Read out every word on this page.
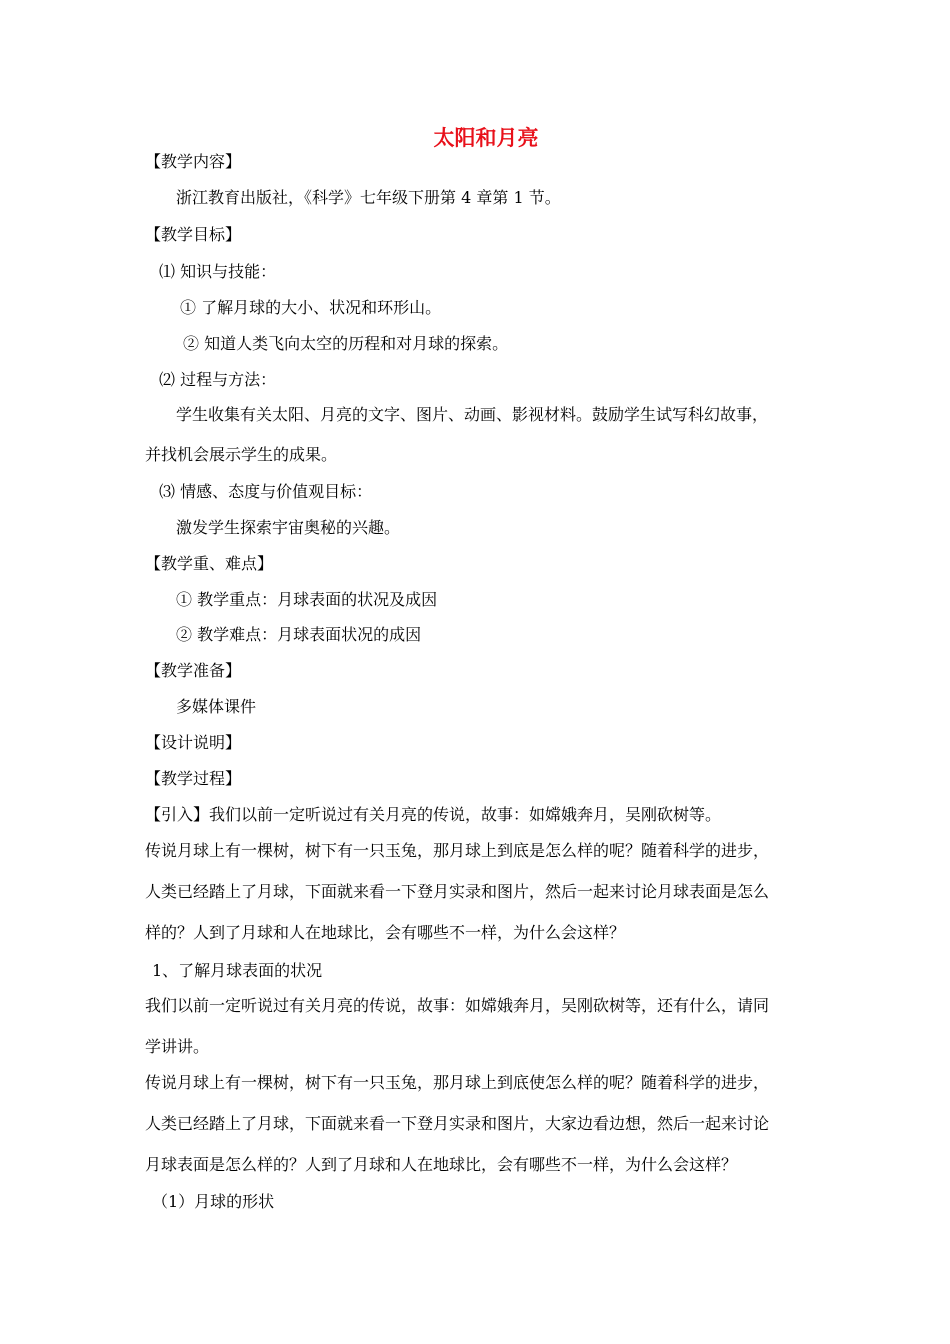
太阳和月亮
【教学内容】
浙江教育出版社，《科学》七年级下册第 4 章第 1 节。
【教学目标】
⑴ 知识与技能：
① 了解月球的大小、状况和环形山。
② 知道人类飞向太空的历程和对月球的探索。
⑵ 过程与方法：
学生收集有关太阳、月亮的文字、图片、动画、影视材料。鼓励学生试写科幻故事，
并找机会展示学生的成果。
⑶ 情感、态度与价值观目标：
激发学生探索宇宙奥秘的兴趣。
【教学重、难点】
① 教学重点：月球表面的状况及成因
② 教学难点：月球表面状况的成因
【教学准备】
多媒体课件
【设计说明】
【教学过程】
【引入】我们以前一定听说过有关月亮的传说，故事：如嫦娥奔月，吴刚砍树等。
传说月球上有一棵树，树下有一只玉兔，那月球上到底是怎么样的呢？随着科学的进步，
人类已经踏上了月球，下面就来看一下登月实录和图片，然后一起来讨论月球表面是怎么
样的？人到了月球和人在地球比，会有哪些不一样，为什么会这样？
1、了解月球表面的状况
我们以前一定听说过有关月亮的传说，故事：如嫦娥奔月，吴刚砍树等，还有什么，请同
学讲讲。
传说月球上有一棵树，树下有一只玉兔，那月球上到底使怎么样的呢？随着科学的进步，
人类已经踏上了月球，下面就来看一下登月实录和图片，大家边看边想，然后一起来讨论
月球表面是怎么样的？人到了月球和人在地球比，会有哪些不一样，为什么会这样？
（1）月球的形状
